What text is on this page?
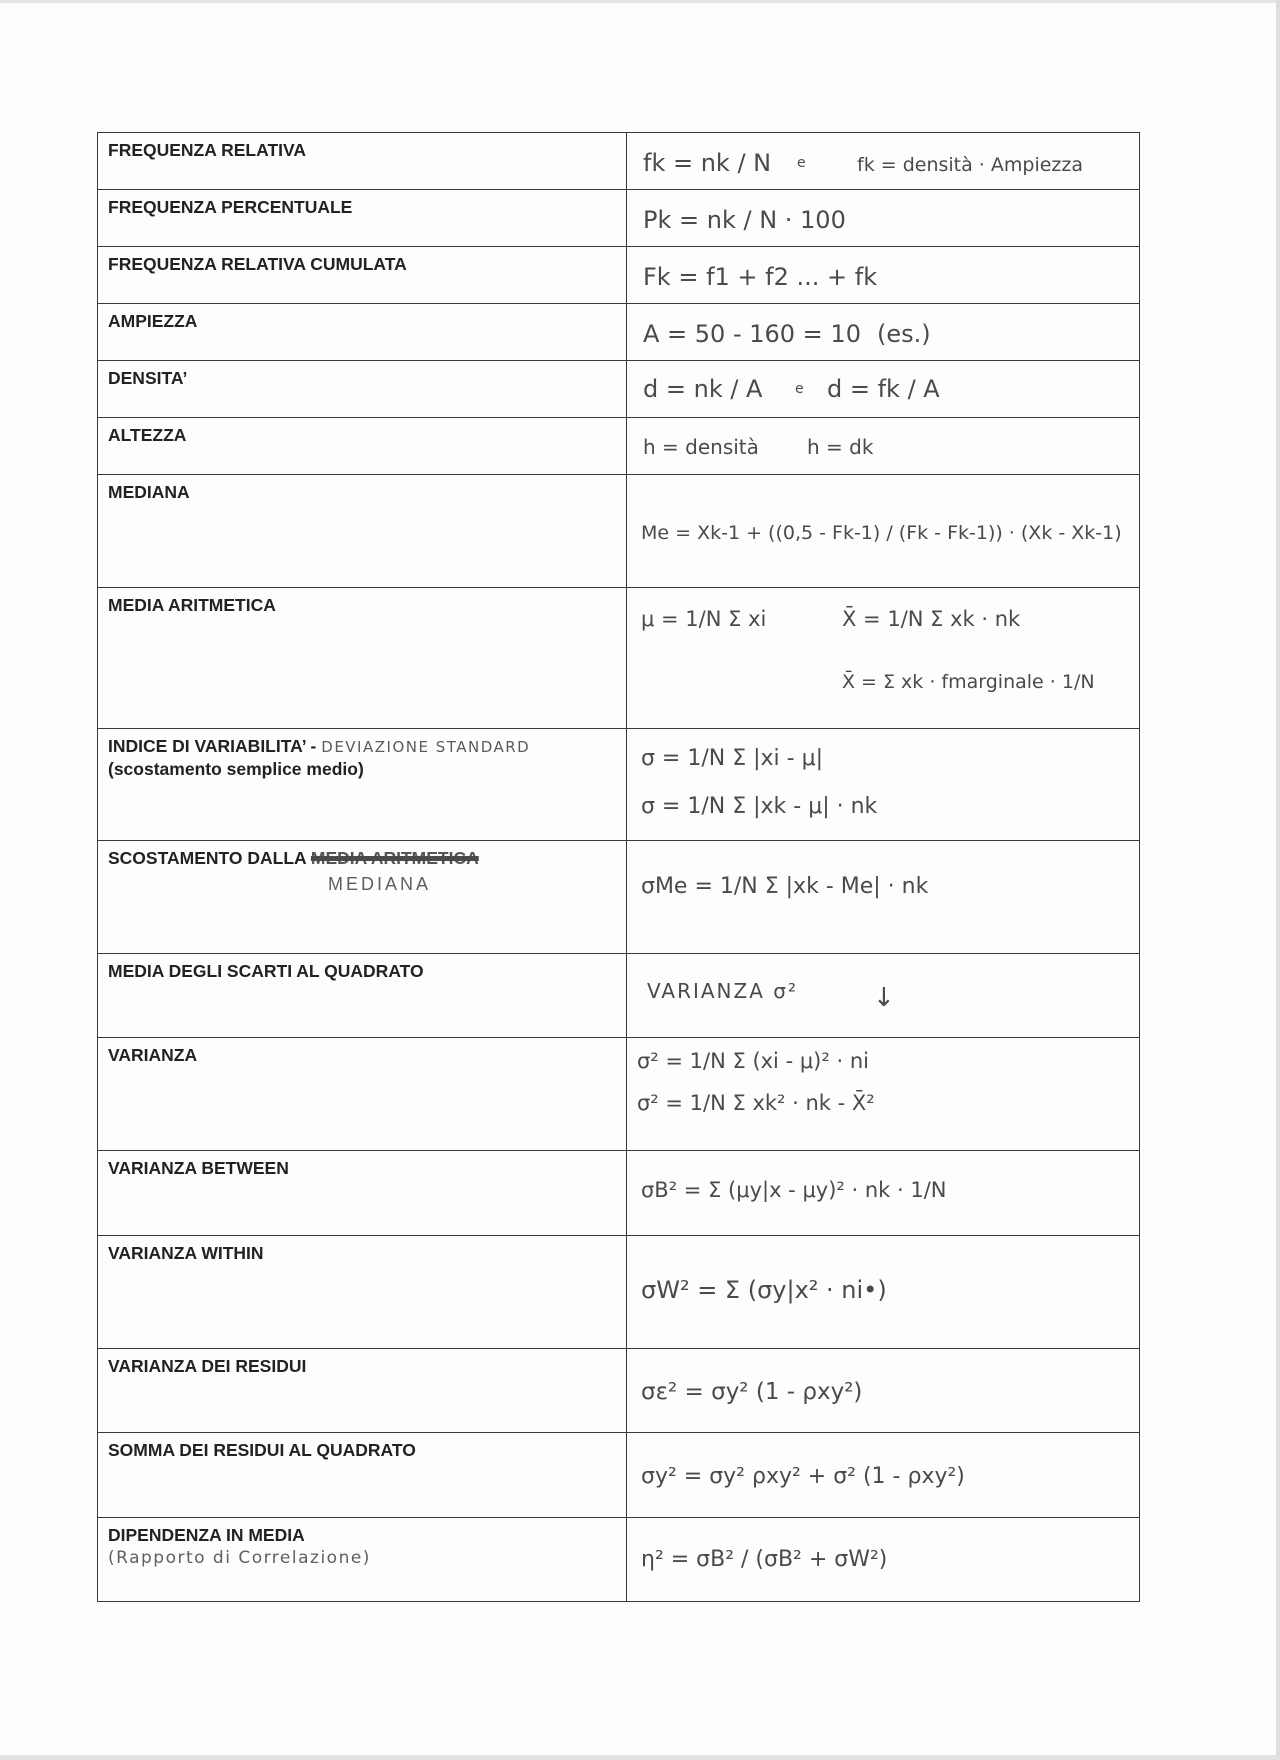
FREQUENZA RELATIVA	fk = nk / N e fk = densità · Ampiezza

FREQUENZA PERCENTUALE	Pk = nk / N · 100

FREQUENZA RELATIVA CUMULATA	Fk = f1 + f2 ... + fk

AMPIEZZA	A = 50 - 160 = 10 (es.)

DENSITA’	d = nk / A e d = fk / A

ALTEZZA	h = densità h = dk

MEDIANA	Me = Xk-1 + ((0,5 - Fk-1) / (Fk - Fk-1)) · (Xk - Xk-1)

MEDIA ARITMETICA	μ = 1/N Σ xi X̄ = 1/N Σ xk · nk
X̄ = Σ xk · fmarginale · 1/N

INDICE DI VARIABILITA’ - DEVIAZIONE STANDARD
(scostamento semplice medio)	σ = 1/N Σ |xi - μ|
σ = 1/N Σ |xk - μ| · nk

SCOSTAMENTO DALLA MEDIA ARITMETICA
MEDIANA	σMe = 1/N Σ |xk - Me| · nk

MEDIA DEGLI SCARTI AL QUADRATO	VARIANZA σ² ↓

VARIANZA	σ² = 1/N Σ (xi - μ)² · ni
σ² = 1/N Σ xk² · nk - X̄²

VARIANZA BETWEEN	σB² = Σ (μy|x - μy)² · nk · 1/N

VARIANZA WITHIN	σW² = Σ (σy|x² · ni•)

VARIANZA DEI RESIDUI	σε² = σy² (1 - ρxy²)

SOMMA DEI RESIDUI AL QUADRATO	σy² = σy² ρxy² + σ² (1 - ρxy²)

DIPENDENZA IN MEDIA
(Rapporto di Correlazione)	η² = σB² / (σB² + σW²)
